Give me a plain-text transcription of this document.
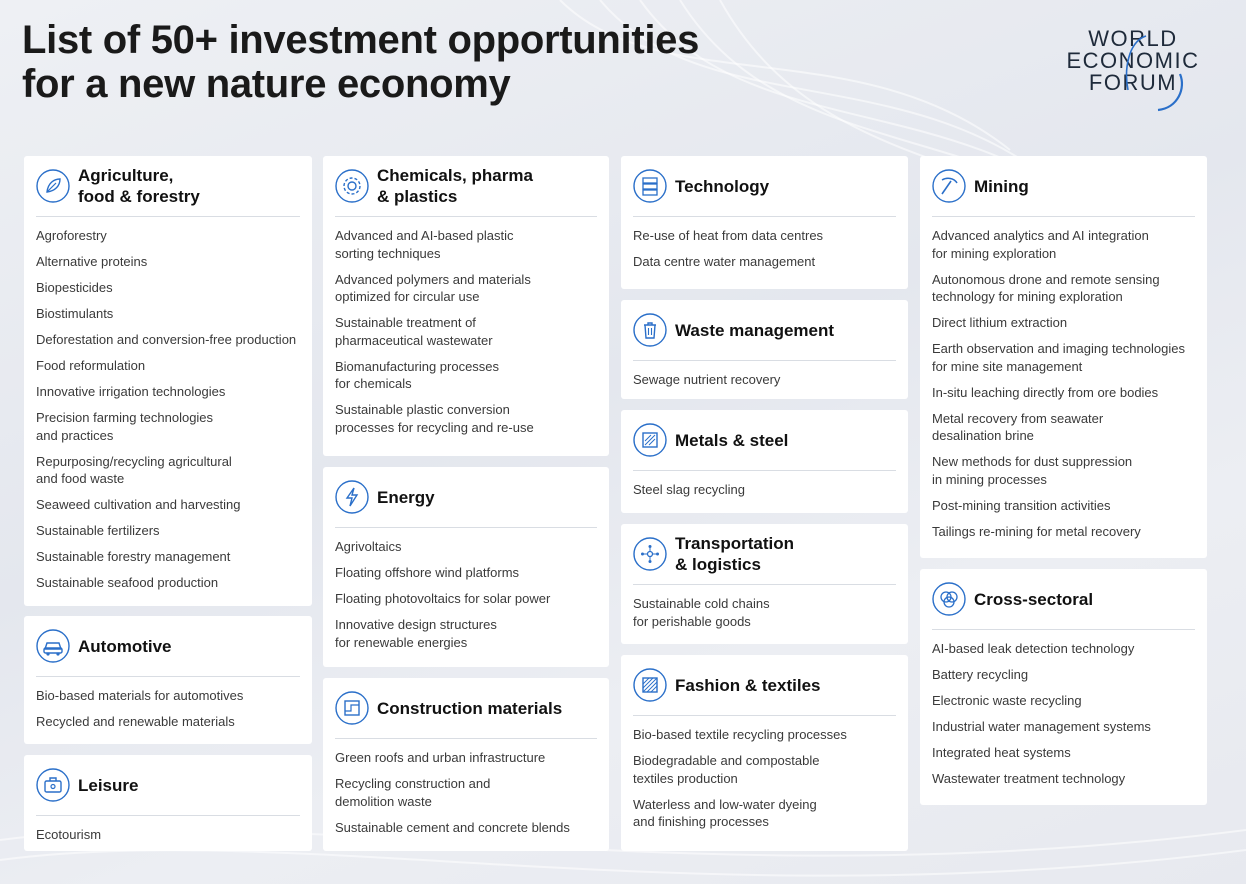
List of 50+ investment opportunities
for a new nature economy
WORLD
ECONOMIC
FORUM
Agriculture,
food & forestry
Agroforestry
Alternative proteins
Biopesticides
Biostimulants
Deforestation and conversion-free production
Food reformulation
Innovative irrigation technologies
Precision farming technologies
and practices
Repurposing/recycling agricultural
and food waste
Seaweed cultivation and harvesting
Sustainable fertilizers
Sustainable forestry management
Sustainable seafood production
Automotive
Bio-based materials for automotives
Recycled and renewable materials
Leisure
Ecotourism
Chemicals, pharma
& plastics
Advanced and AI-based plastic
sorting techniques
Advanced polymers and materials
optimized for circular use
Sustainable treatment of
pharmaceutical wastewater
Biomanufacturing processes
for chemicals
Sustainable plastic conversion
processes for recycling and re-use
Energy
Agrivoltaics
Floating offshore wind platforms
Floating photovoltaics for solar power
Innovative design structures
for renewable energies
Construction materials
Green roofs and urban infrastructure
Recycling construction and
demolition waste
Sustainable cement and concrete blends
Technology
Re-use of heat from data centres
Data centre water management
Waste management
Sewage nutrient recovery
Metals & steel
Steel slag recycling
Transportation
& logistics
Sustainable cold chains
for perishable goods
Fashion & textiles
Bio-based textile recycling processes
Biodegradable and compostable
textiles production
Waterless and low-water dyeing
and finishing processes
Mining
Advanced analytics and AI integration
for mining exploration
Autonomous drone and remote sensing
technology for mining exploration
Direct lithium extraction
Earth observation and imaging technologies
for mine site management
In-situ leaching directly from ore bodies
Metal recovery from seawater
desalination brine
New methods for dust suppression
in mining processes
Post-mining transition activities
Tailings re-mining for metal recovery
Cross-sectoral
AI-based leak detection technology
Battery recycling
Electronic waste recycling
Industrial water management systems
Integrated heat systems
Wastewater treatment technology
